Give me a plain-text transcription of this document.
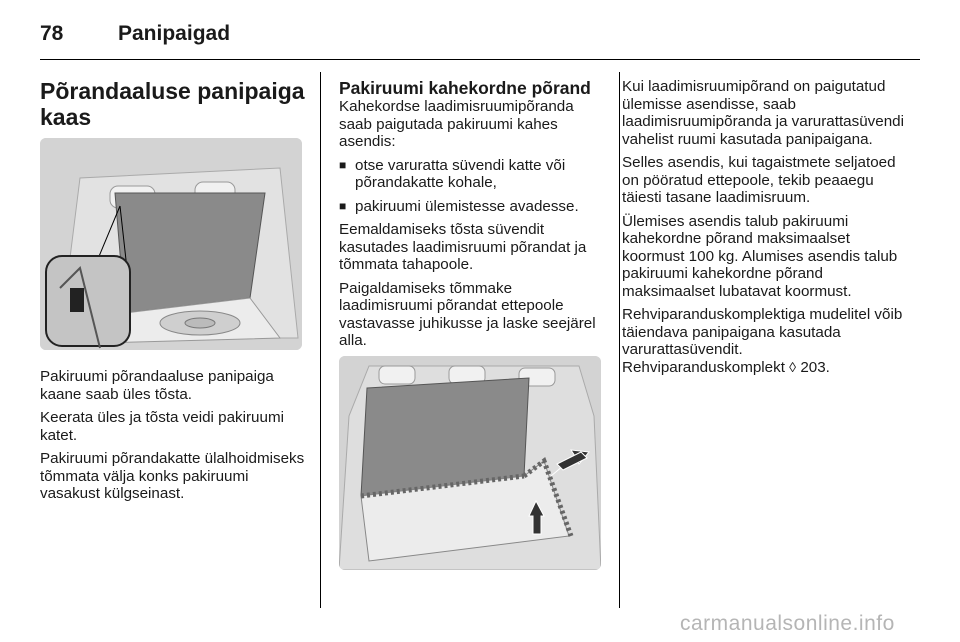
78	Panipaigad
Põrandaaluse panipaiga kaas

Pakiruumi põrandaaluse panipaiga kaane saab üles tõsta.

Keerata üles ja tõsta veidi pakiruumi katet.

Pakiruumi põrandakatte ülalhoidmiseks tõmmata välja konks pakiruumi vasakust külgseinast.

Pakiruumi kahekordne põrand

Kahekordse laadimisruumipõranda saab paigutada pakiruumi kahes asendis:

■ otse varuratta süvendi katte või põrandakatte kohale,
■ pakiruumi ülemistesse avadesse.

Eemaldamiseks tõsta süvendit kasutades laadimisruumi põrandat ja tõmmata tahapoole.

Paigaldamiseks tõmmake laadimisruumi põrandat ettepoole vastavasse juhikusse ja laske seejärel alla.

Kui laadimisruumipõrand on paigutatud ülemisse asendisse, saab laadimisruumipõranda ja varurattasüvendi vahelist ruumi kasutada panipaigana.

Selles asendis, kui tagaistmete seljatoed on pööratud ettepoole, tekib peaaegu täiesti tasane laadimisruum.

Ülemises asendis talub pakiruumi kahekordne põrand maksimaalset koormust 100 kg. Alumises asendis talub pakiruumi kahekordne põrand maksimaalset lubatavat koormust.

Rehviparanduskomplektiga mudelitel võib täiendava panipaigana kasutada varurattasüvendit.

Rehviparanduskomplekt ◊ 203.

carmanualsonline.info
